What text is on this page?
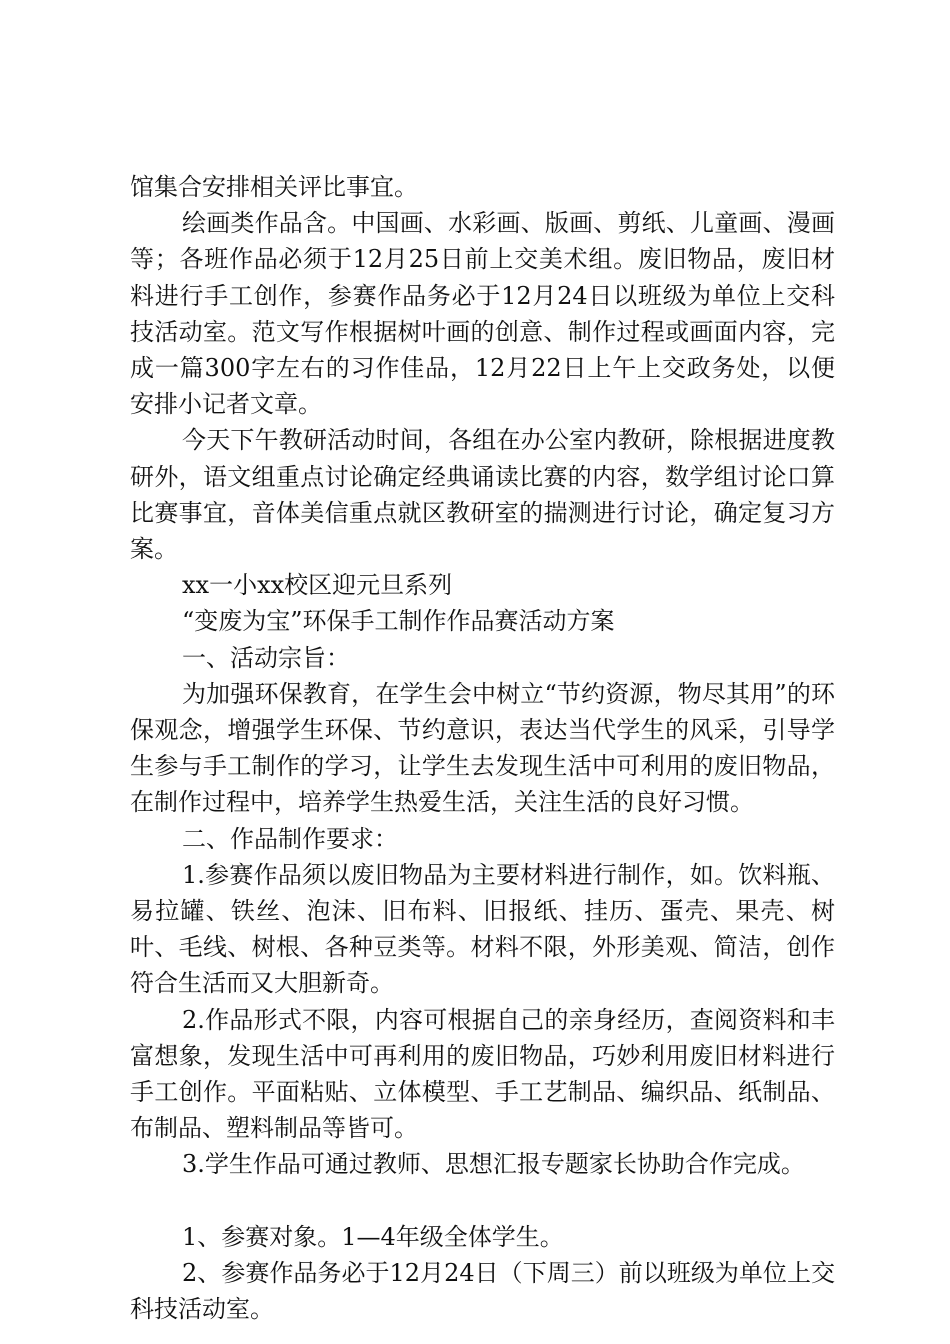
馆集合安排相关评比事宜。

绘画类作品含。中国画、水彩画、版画、剪纸、儿童画、漫画等；各班作品必须于12月25日前上交美术组。废旧物品，废旧材料进行手工创作，参赛作品务必于12月24日以班级为单位上交科技活动室。范文写作根据树叶画的创意、制作过程或画面内容，完成一篇300字左右的习作佳品，12月22日上午上交政务处，以便安排小记者文章。

今天下午教研活动时间，各组在办公室内教研，除根据进度教研外，语文组重点讨论确定经典诵读比赛的内容，数学组讨论口算比赛事宜，音体美信重点就区教研室的揣测进行讨论，确定复习方案。

xx一小xx校区迎元旦系列

“变废为宝”环保手工制作作品赛活动方案

一、活动宗旨：

为加强环保教育，在学生会中树立“节约资源，物尽其用”的环保观念，增强学生环保、节约意识，表达当代学生的风采，引导学生参与手工制作的学习，让学生去发现生活中可利用的废旧物品，在制作过程中，培养学生热爱生活，关注生活的良好习惯。

二、作品制作要求：

1.参赛作品须以废旧物品为主要材料进行制作，如。饮料瓶、易拉罐、铁丝、泡沫、旧布料、旧报纸、挂历、蛋壳、果壳、树叶、毛线、树根、各种豆类等。材料不限，外形美观、简洁，创作符合生活而又大胆新奇。

2.作品形式不限，内容可根据自己的亲身经历，查阅资料和丰富想象，发现生活中可再利用的废旧物品，巧妙利用废旧材料进行手工创作。平面粘贴、立体模型、手工艺制品、编织品、纸制品、布制品、塑料制品等皆可。

3.学生作品可通过教师、思想汇报专题家长协助合作完成。

1、参赛对象。1—4年级全体学生。

2、参赛作品务必于12月24日（下周三）前以班级为单位上交科技活动室。
